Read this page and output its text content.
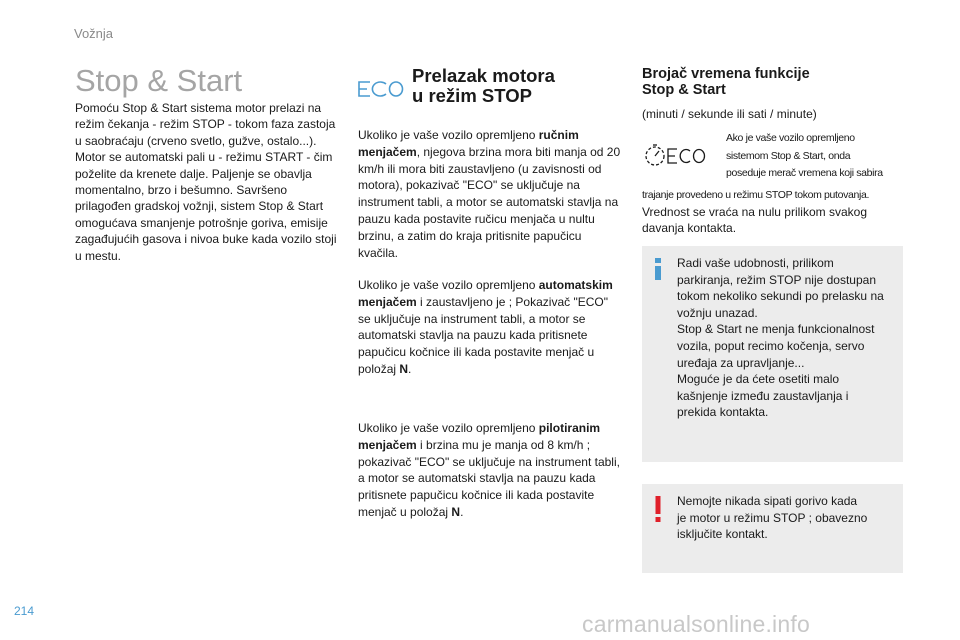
Vožnja
Stop & Start

Pomoću Stop & Start sistema motor prelazi na režim čekanja - režim STOP - tokom faza zastoja u saobraćaju (crveno svetlo, gužve, ostalo...). Motor se automatski pali u - režimu START - čim poželite da krenete dalje. Paljenje se obavlja momentalno, brzo i bešumno. Savršeno prilagođen gradskoj vožnji, sistem Stop & Start omogućava smanjenje potrošnje goriva, emisije zagađujućih gasova i nivoa buke kada vozilo stoji u mestu.

Prelazak motora
u režim STOP

Ukoliko je vaše vozilo opremljeno ručnim menjačem, njegova brzina mora biti manja od 20 km/h ili mora biti zaustavljeno (u zavisnosti od motora), pokazivač "ECO" se uključuje na instrument tabli, a motor se automatski stavlja na pauzu kada postavite ručicu menjača u nultu brzinu, a zatim do kraja pritisnite papučicu kvačila.

Ukoliko je vaše vozilo opremljeno automatskim menjačem i zaustavljeno je ; Pokazivač "ECO" se uključuje na instrument tabli, a motor se automatski stavlja na pauzu kada pritisnete papučicu kočnice ili kada postavite menjač u položaj N.

Ukoliko je vaše vozilo opremljeno pilotiranim menjačem i brzina mu je manja od 8 km/h ; pokazivač "ECO" se uključuje na instrument tabli, a motor se automatski stavlja na pauzu kada pritisnete papučicu kočnice ili kada postavite menjač u položaj N.

Brojač vremena funkcije
Stop & Start

(minuti / sekunde ili sati / minute)

Ako je vaše vozilo opremljeno
sistemom Stop & Start, onda
poseduje merač vremena koji sabira
trajanje provedeno u režimu STOP tokom putovanja.

Vrednost se vraća na nulu prilikom svakog davanja kontakta.

Radi vaše udobnosti, prilikom
parkiranja, režim STOP nije dostupan
tokom nekoliko sekundi po prelasku na
vožnju unazad.
Stop & Start ne menja funkcionalnost
vozila, poput recimo kočenja, servo
uređaja za upravljanje...
Moguće je da ćete osetiti malo
kašnjenje između zaustavljanja i
prekida kontakta.
Nemojte nikada sipati gorivo kada
je motor u režimu STOP ; obavezno
isključite kontakt.
214	carmanualsonline.info
